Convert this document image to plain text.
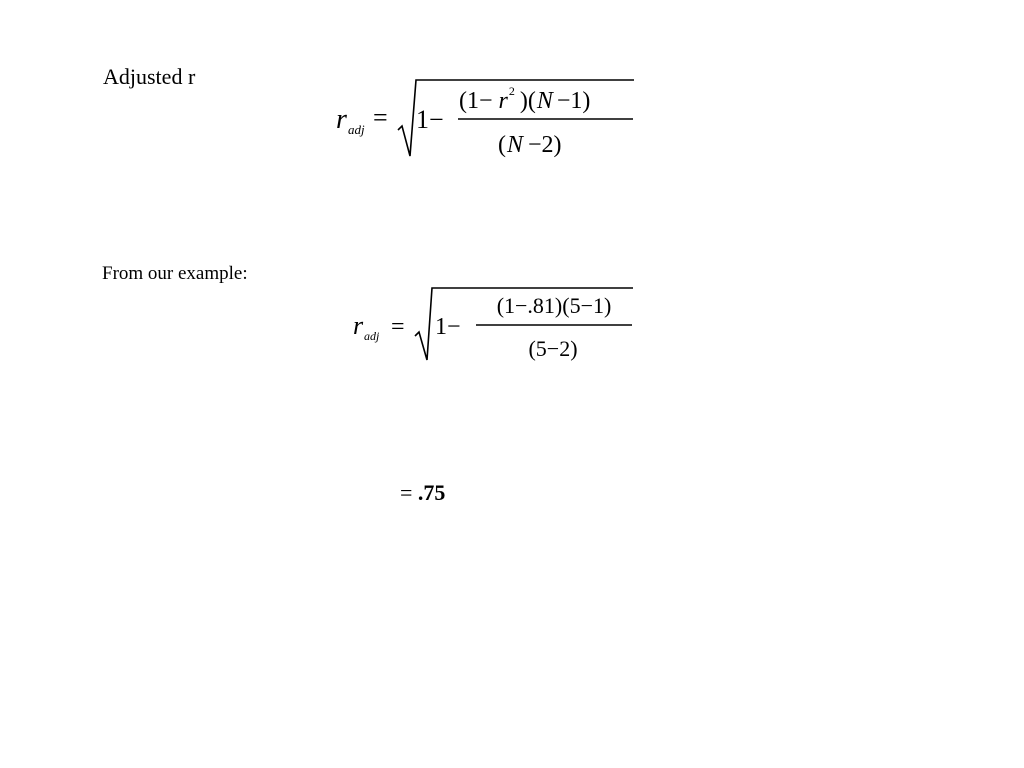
Adjusted r
r adj = 1−
($1- r^2$ )(N −1)
(N −2)
From our example:
r adj = 1−
(1−.81)(5−1)
(5−2)
= .75
